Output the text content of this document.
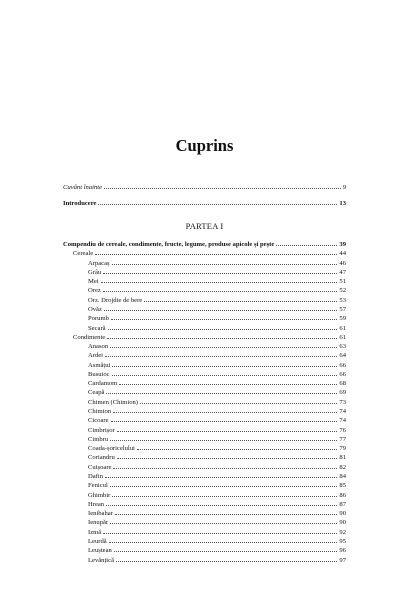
Cuprins
Cuvânt înainte	9
Introducere	13
PARTEA I
Compendiu de cereale, condimente, fructe, legume, produse apicole și pește	39
Cereale	44
Arpacaș	46
Grâu	47
Mei	51
Orez	52
Orz. Drojdie de bere	53
Ovăz	57
Porumb	59
Secară	61
Condimente	61
Anason	63
Ardei	64
Asmățui	66
Busuioc	66
Cardamom	68
Ceapă	69
Chimen (Chimion)	73
Chimion	74
Cicoare	74
Cimbrișor	76
Cimbru	77
Coada-șoricelului	79
Coriandru	81
Cuișoare	82
Dafin	84
Fenicul	85
Ghimbir	86
Hrean	87
Ienibahar	90
Ienupăr	90
Izmă	92
Leurdă	95
Leuștean	96
Levănțică	97
